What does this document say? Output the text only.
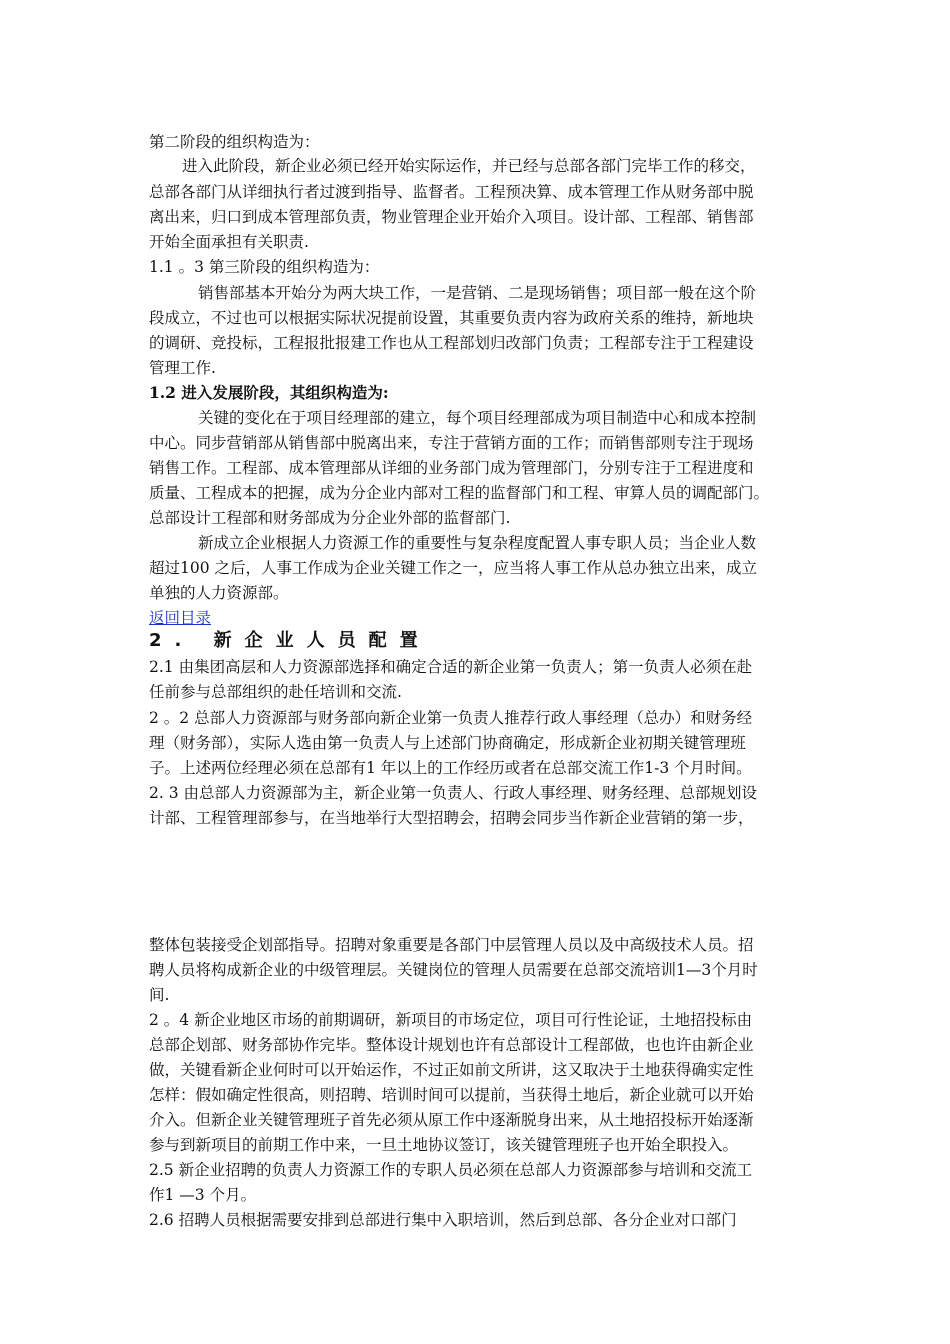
第二阶段的组织构造为：
进入此阶段，新企业必须已经开始实际运作，并已经与总部各部门完毕工作的移交，
总部各部门从详细执行者过渡到指导、监督者。工程预决算、成本管理工作从财务部中脱
离出来，归口到成本管理部负责，物业管理企业开始介入项目。设计部、工程部、销售部
开始全面承担有关职责.
1.1 。3 第三阶段的组织构造为：
销售部基本开始分为两大块工作，一是营销、二是现场销售；项目部一般在这个阶
段成立，不过也可以根据实际状况提前设置，其重要负责内容为政府关系的维持，新地块
的调研、竞投标，工程报批报建工作也从工程部划归改部门负责；工程部专注于工程建设
管理工作.
1.2 进入发展阶段，其组织构造为:
关键的变化在于项目经理部的建立，每个项目经理部成为项目制造中心和成本控制
中心。同步营销部从销售部中脱离出来，专注于营销方面的工作；而销售部则专注于现场
销售工作。工程部、成本管理部从详细的业务部门成为管理部门，分别专注于工程进度和
质量、工程成本的把握，成为分企业内部对工程的监督部门和工程、审算人员的调配部门。
总部设计工程部和财务部成为分企业外部的监督部门.
新成立企业根据人力资源工作的重要性与复杂程度配置人事专职人员；当企业人数
超过100 之后，人事工作成为企业关键工作之一，应当将人事工作从总办独立出来，成立
单独的人力资源部。
返回目录
2. 新企业人员配置
2.1 由集团高层和人力资源部选择和确定合适的新企业第一负责人；第一负责人必须在赴
任前参与总部组织的赴任培训和交流.
2 。2 总部人力资源部与财务部向新企业第一负责人推荐行政人事经理（总办）和财务经
理（财务部），实际人选由第一负责人与上述部门协商确定，形成新企业初期关键管理班
子。上述两位经理必须在总部有1 年以上的工作经历或者在总部交流工作1-3 个月时间。
2. 3 由总部人力资源部为主，新企业第一负责人、行政人事经理、财务经理、总部规划设
计部、工程管理部参与，在当地举行大型招聘会，招聘会同步当作新企业营销的第一步，
整体包装接受企划部指导。招聘对象重要是各部门中层管理人员以及中高级技术人员。招
聘人员将构成新企业的中级管理层。关键岗位的管理人员需要在总部交流培训1—3个月时
间.
2 。4 新企业地区市场的前期调研，新项目的市场定位，项目可行性论证，土地招投标由
总部企划部、财务部协作完毕。整体设计规划也许有总部设计工程部做，也也许由新企业
做，关键看新企业何时可以开始运作，不过正如前文所讲，这又取决于土地获得确实定性
怎样：假如确定性很高，则招聘、培训时间可以提前，当获得土地后，新企业就可以开始
介入。但新企业关键管理班子首先必须从原工作中逐渐脱身出来，从土地招投标开始逐渐
参与到新项目的前期工作中来，一旦土地协议签订，该关键管理班子也开始全职投入。
2.5 新企业招聘的负责人力资源工作的专职人员必须在总部人力资源部参与培训和交流工
作1 —3 个月。
2.6 招聘人员根据需要安排到总部进行集中入职培训，然后到总部、各分企业对口部门
